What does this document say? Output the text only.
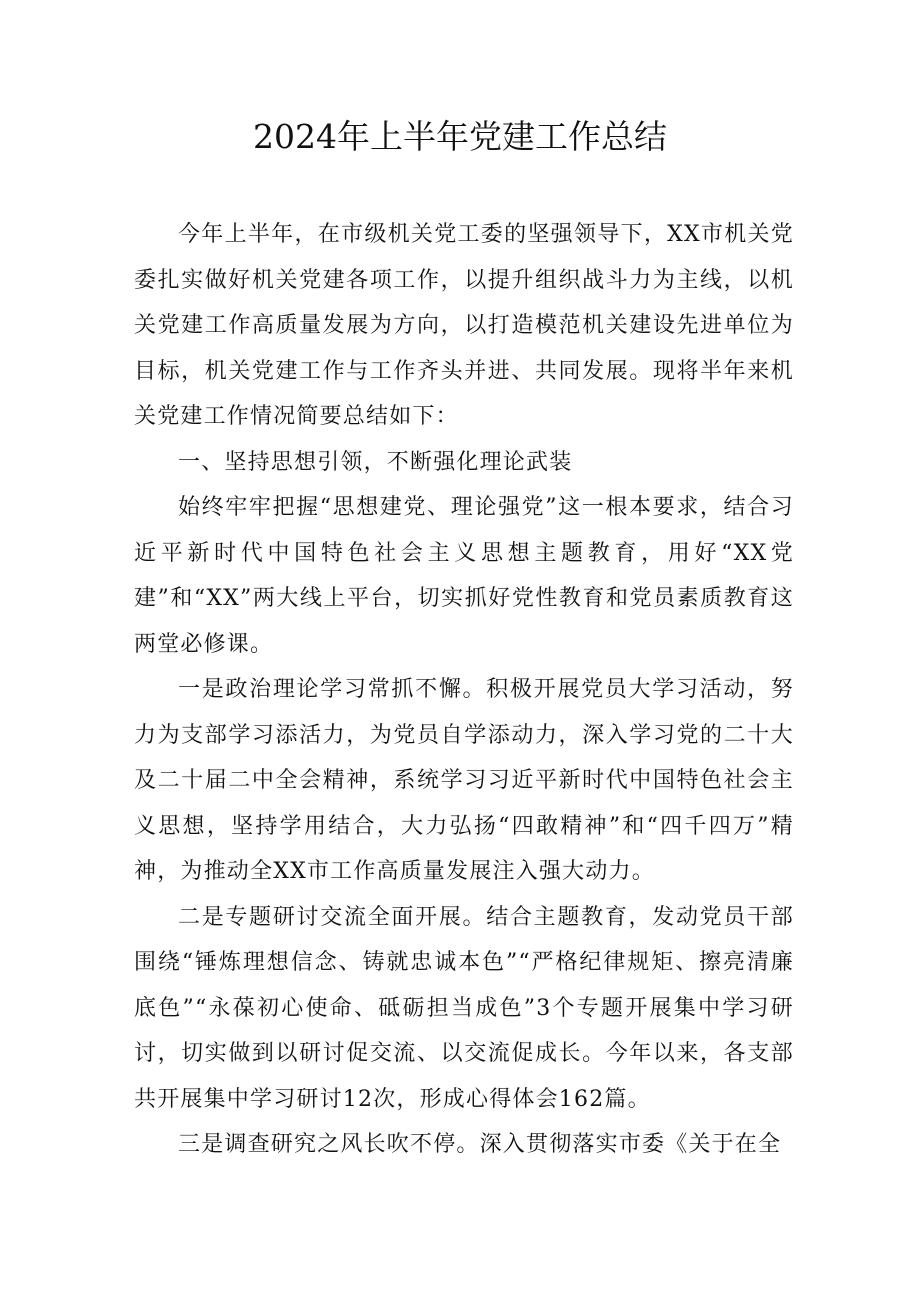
2024年上半年党建工作总结

今年上半年，在市级机关党工委的坚强领导下，XX市机关党委扎实做好机关党建各项工作，以提升组织战斗力为主线，以机关党建工作高质量发展为方向，以打造模范机关建设先进单位为目标，机关党建工作与工作齐头并进、共同发展。现将半年来机关党建工作情况简要总结如下：

一、坚持思想引领，不断强化理论武装

始终牢牢把握“思想建党、理论强党”这一根本要求，结合习近平新时代中国特色社会主义思想主题教育，用好“XX党建”和“XX”两大线上平台，切实抓好党性教育和党员素质教育这两堂必修课。

一是政治理论学习常抓不懈。积极开展党员大学习活动，努力为支部学习添活力，为党员自学添动力，深入学习党的二十大及二十届二中全会精神，系统学习习近平新时代中国特色社会主义思想，坚持学用结合，大力弘扬“四敢精神”和“四千四万”精神，为推动全XX市工作高质量发展注入强大动力。

二是专题研讨交流全面开展。结合主题教育，发动党员干部围绕“锤炼理想信念、铸就忠诚本色”“严格纪律规矩、擦亮清廉底色”“永葆初心使命、砥砺担当成色”3个专题开展集中学习研讨，切实做到以研讨促交流、以交流促成长。今年以来，各支部共开展集中学习研讨12次，形成心得体会162篇。

三是调查研究之风长吹不停。深入贯彻落实市委《关于在全
